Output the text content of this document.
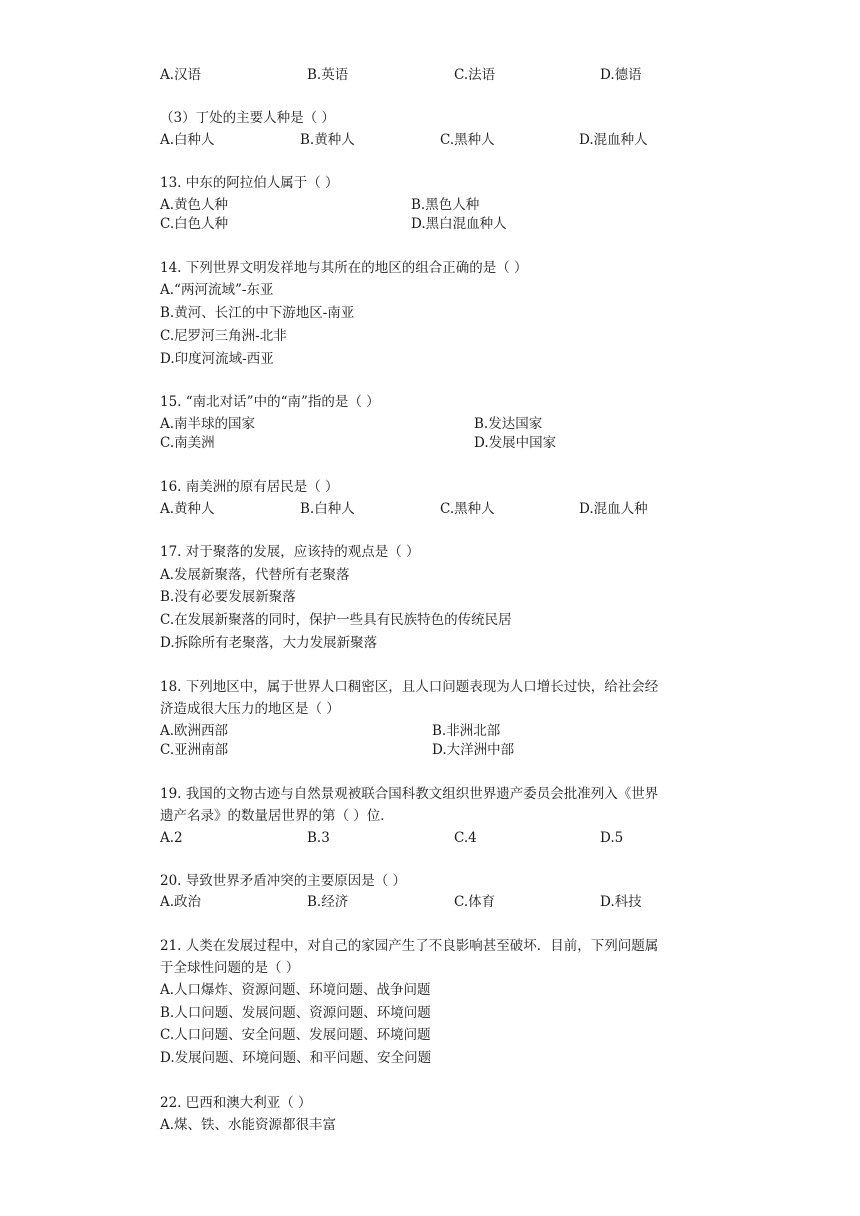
A.汉语	B.英语	C.法语	D.德语
（3）丁处的主要人种是（ ）
A.白种人	B.黄种人	C.黑种人	D.混血种人
13. 中东的阿拉伯人属于（ ）
A.黄色人种	B.黑色人种
C.白色人种	D.黑白混血种人
14. 下列世界文明发祥地与其所在的地区的组合正确的是（ ）
A.“两河流域”-东亚
B.黄河、长江的中下游地区-南亚
C.尼罗河三角洲-北非
D.印度河流域-西亚
15. “南北对话”中的“南”指的是（ ）
A.南半球的国家	B.发达国家
C.南美洲	D.发展中国家
16. 南美洲的原有居民是（ ）
A.黄种人	B.白种人	C.黑种人	D.混血人种
17. 对于聚落的发展，应该持的观点是（ ）
A.发展新聚落，代替所有老聚落
B.没有必要发展新聚落
C.在发展新聚落的同时，保护一些具有民族特色的传统民居
D.拆除所有老聚落，大力发展新聚落
18. 下列地区中，属于世界人口稠密区，且人口问题表现为人口增长过快，给社会经
济造成很大压力的地区是（ ）
A.欧洲西部	B.非洲北部
C.亚洲南部	D.大洋洲中部
19. 我国的文物古迹与自然景观被联合国科教文组织世界遗产委员会批准列入《世界
遗产名录》的数量居世界的第（ ）位．
A.2	B.3	C.4	D.5
20. 导致世界矛盾冲突的主要原因是（ ）
A.政治	B.经济	C.体育	D.科技
21. 人类在发展过程中，对自己的家园产生了不良影响甚至破坏．目前，下列问题属
于全球性问题的是（ ）
A.人口爆炸、资源问题、环境问题、战争问题
B.人口问题、发展问题、资源问题、环境问题
C.人口问题、安全问题、发展问题、环境问题
D.发展问题、环境问题、和平问题、安全问题
22. 巴西和澳大利亚（ ）
A.煤、铁、水能资源都很丰富
